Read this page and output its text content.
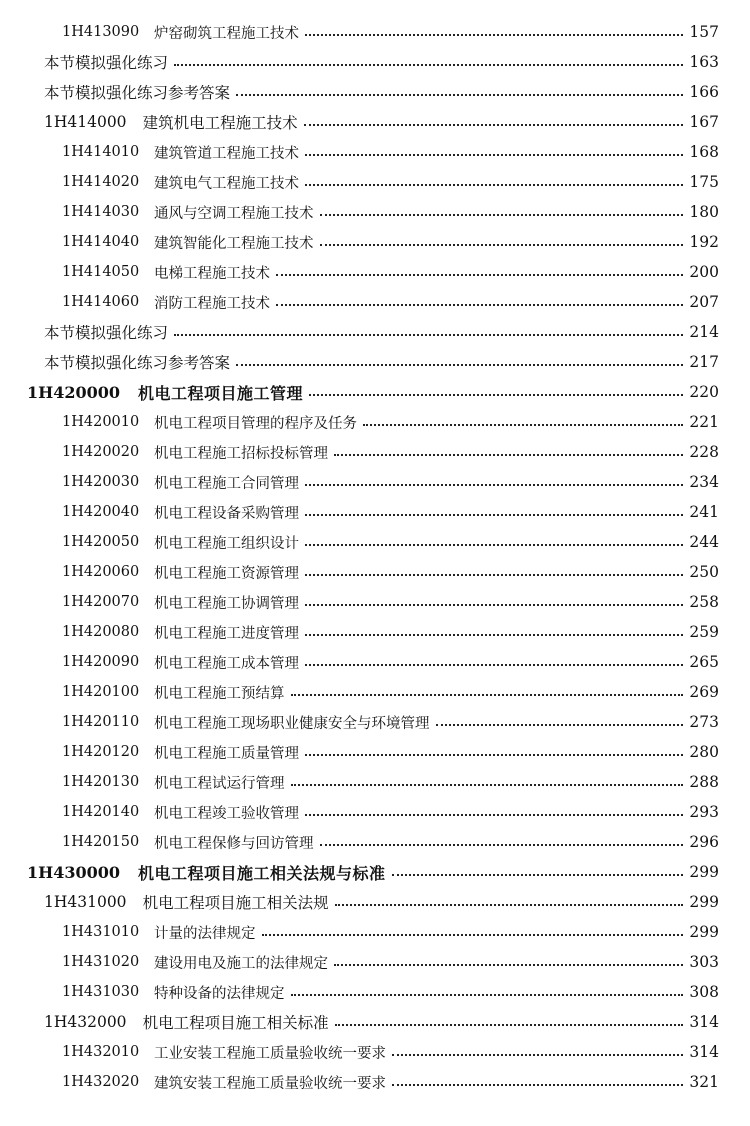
1H413090	炉窑砌筑工程施工技术	157
本节模拟强化练习	163
本节模拟强化练习参考答案	166
1H414000 建筑机电工程施工技术	167
1H414010	建筑管道工程施工技术	168
1H414020	建筑电气工程施工技术	175
1H414030	通风与空调工程施工技术	180
1H414040	建筑智能化工程施工技术	192
1H414050	电梯工程施工技术	200
1H414060	消防工程施工技术	207
本节模拟强化练习	214
本节模拟强化练习参考答案	217
1H420000 机电工程项目施工管理	220
1H420010	机电工程项目管理的程序及任务	221
1H420020	机电工程施工招标投标管理	228
1H420030	机电工程施工合同管理	234
1H420040	机电工程设备采购管理	241
1H420050	机电工程施工组织设计	244
1H420060	机电工程施工资源管理	250
1H420070	机电工程施工协调管理	258
1H420080	机电工程施工进度管理	259
1H420090	机电工程施工成本管理	265
1H420100	机电工程施工预结算	269
1H420110	机电工程施工现场职业健康安全与环境管理	273
1H420120	机电工程施工质量管理	280
1H420130	机电工程试运行管理	288
1H420140	机电工程竣工验收管理	293
1H420150	机电工程保修与回访管理	296
1H430000 机电工程项目施工相关法规与标准	299
1H431000 机电工程项目施工相关法规	299
1H431010	计量的法律规定	299
1H431020	建设用电及施工的法律规定	303
1H431030	特种设备的法律规定	308
1H432000 机电工程项目施工相关标准	314
1H432010	工业安装工程施工质量验收统一要求	314
1H432020	建筑安装工程施工质量验收统一要求	321
